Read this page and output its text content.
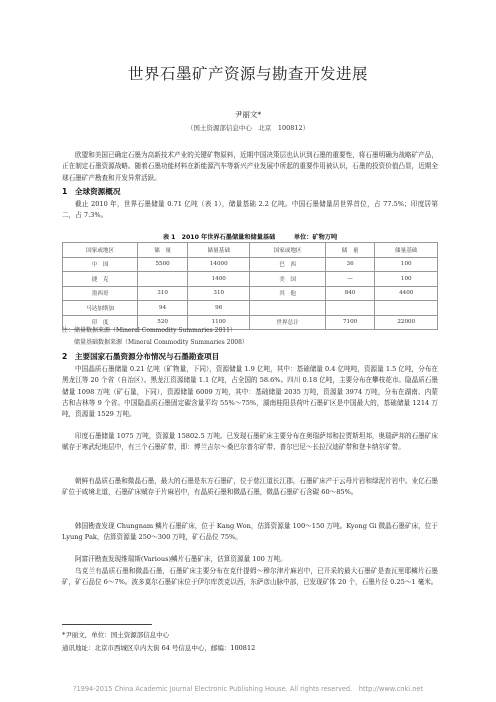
世界石墨矿产资源与勘查开发进展
尹丽文*
（国土资源部信息中心　北京　100812）
欧盟和美国已确定石墨为高新技术产业的关键矿物原料，近期中国决策层也认识到石墨的重要性，将石墨明确为战略矿产品，正在制定石墨资源战略。随着石墨功能材料在新能源汽车等新兴产业发展中所起的重要作用被认识，石墨的投资价值凸显，近期全球石墨矿产勘查和开发异常活跃。
1　全球资源概况
截止 2010 年，世界石墨储量 0.71 亿吨（表 1），储量基础 2.2 亿吨。中国石墨储量居世界首位，占 77.5%；印度居第二，占 7.3%。
表 1　2010 年世界石墨储量和储量基础　　　单位：矿物万吨
国家或地区	储　量	储量基础	国家或地区	储　量	储量基础
中　国	5500	14000	巴　西	36	100
捷　克		1400	美　国	—	100
墨西哥	310	310	其　他	840	4400
马达加斯加	94	96			
印　度	520	1100	世界总计	7100	22000
注：储量数据来源（Mineral Commodity Summaries 2011）
储量基础数据来源（Mineral Commodity Summaries 2008）
2　主要国家石墨资源分布情况与石墨勘查项目
中国晶质石墨储量 0.21 亿吨（矿物量，下同），资源储量 1.9 亿吨，其中：基础储量 0.4 亿吨吨，资源量 1.5 亿吨，分布在黑龙江等 20 个省（自治区）。黑龙江资源储量 1.1 亿吨，占全国的 58.6%。四川 0.18 亿吨，主要分布在攀枝花市。隐晶质石墨储量 1098 万吨（矿石量，下同），资源储量 6009 万吨，其中：基础储量 2035 万吨，资源量 3974 万吨，分布在湖南、内蒙古和吉林等 9 个省。中国隐晶质石墨固定碳含量平均 55%～75%，湖南桂阳县荷叶石墨矿区是中国最大的，基础储量 1214 万吨，资源量 1529 万吨。
印度石墨储量 1075 万吨，资源量 15802.5 万吨。已发现石墨矿床主要分布在奥瑞萨邦和拉贾斯坦邦，奥瑞萨邦的石墨矿床赋存于寒武纪地层中，有三个石墨矿带，即：博兰吉尔～桑巴尔普尔矿带、普尔巴尼～长拉汉迪矿带和登卡纳尔矿带。
朝鲜有晶质石墨和微晶石墨，最大的石墨是东方石墨矿，位于慈江道长江郡，石墨矿床产于云母片岩和绿泥片岩中。业亿石墨矿位于咸境北道，石墨矿床赋存于片麻岩中，有晶质石墨和微晶石墨，微晶石墨矿石含碳 60～85%。
韩国勘查发现 Chungnam 鳞片石墨矿床，位于 Kang Won，估算资源量 100～150 万吨。Kyong Gi 微晶石墨矿床，位于 Lyung Pak，估算资源量 250～300 万吨，矿石品位 75%。
阿富汗勘查发现维瑞斯(Various)鳞片石墨矿床，估算资源量 100 万吨。
乌克兰有晶质石墨和微晶石墨，石墨矿床主要分布在克什提姆～穆尔津片麻岩中，已开采的最大石墨矿是查瓦里耶鳞片石墨矿，矿石品位 6～7%。波多莫尔石墨矿床位于伊尔库茨克以西，东萨彦山脉中部，已发现矿体 20 个，石墨片径 0.25～1 毫米。
*尹丽文，单位：国土资源部信息中心
通讯地址：北京市西城区阜内大街 64 号信息中心，邮编：100812
?1994-2015 China Academic Journal Electronic Publishing House. All rights reserved.　http://www.cnki.net
